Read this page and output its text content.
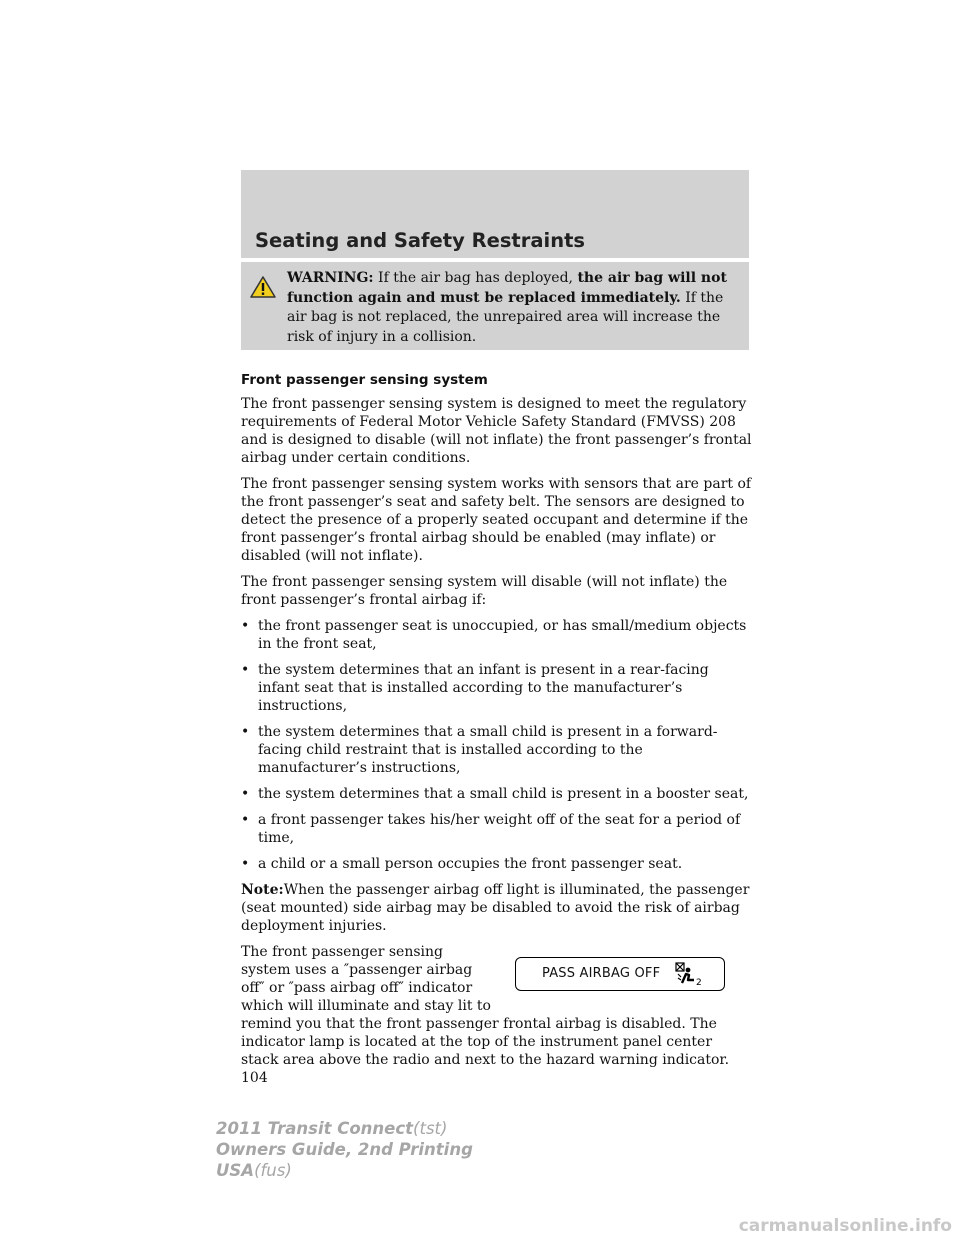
Seating and Safety Restraints
WARNING: If the air bag has deployed, the air bag will not function again and must be replaced immediately. If the air bag is not replaced, the unrepaired area will increase the risk of injury in a collision.
Front passenger sensing system

The front passenger sensing system is designed to meet the regulatory requirements of Federal Motor Vehicle Safety Standard (FMVSS) 208 and is designed to disable (will not inflate) the front passenger’s frontal airbag under certain conditions.

The front passenger sensing system works with sensors that are part of the front passenger’s seat and safety belt. The sensors are designed to detect the presence of a properly seated occupant and determine if the front passenger’s frontal airbag should be enabled (may inflate) or disabled (will not inflate).

The front passenger sensing system will disable (will not inflate) the front passenger’s frontal airbag if:

• the front passenger seat is unoccupied, or has small/medium objects in the front seat,
• the system determines that an infant is present in a rear-facing infant seat that is installed according to the manufacturer’s instructions,
• the system determines that a small child is present in a forward-facing child restraint that is installed according to the manufacturer’s instructions,
• the system determines that a small child is present in a booster seat,
• a front passenger takes his/her weight off of the seat for a period of time,
• a child or a small person occupies the front passenger seat.

Note:When the passenger airbag off light is illuminated, the passenger (seat mounted) side airbag may be disabled to avoid the risk of airbag deployment injuries.

PASS AIRBAG OFF
2
The front passenger sensing system uses a ″passenger airbag off″ or ″pass airbag off″ indicator which will illuminate and stay lit to remind you that the front passenger frontal airbag is disabled. The indicator lamp is located at the top of the instrument panel center stack area above the radio and next to the hazard warning indicator.
104
2011 Transit Connect(tst)
Owners Guide, 2nd Printing
USA(fus)
carmanualsonline.info
